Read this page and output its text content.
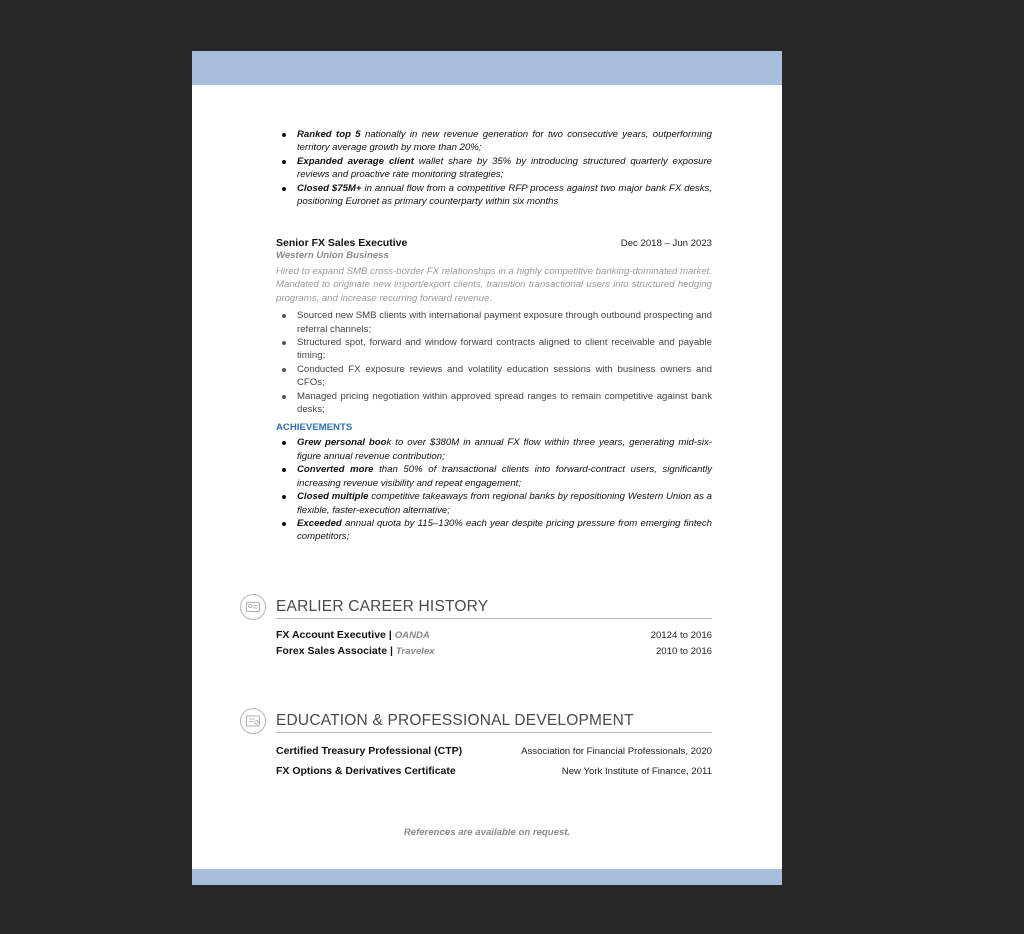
Ranked top 5 nationally in new revenue generation for two consecutive years, outperforming territory average growth by more than 20%;
Expanded average client wallet share by 35% by introducing structured quarterly exposure reviews and proactive rate monitoring strategies;
Closed $75M+ in annual flow from a competitive RFP process against two major bank FX desks, positioning Euronet as primary counterparty within six months
Senior FX Sales Executive	Dec 2018 – Jun 2023
Western Union Business
Hired to expand SMB cross-border FX relationships in a highly competitive banking-dominated market. Mandated to originate new import/export clients, transition transactional users into structured hedging programs, and increase recurring forward revenue.
Sourced new SMB clients with international payment exposure through outbound prospecting and referral channels;
Structured spot, forward and window forward contracts aligned to client receivable and payable timing;
Conducted FX exposure reviews and volatility education sessions with business owners and CFOs;
Managed pricing negotiation within approved spread ranges to remain competitive against bank desks;
ACHIEVEMENTS
Grew personal book to over $380M in annual FX flow within three years, generating mid-six-figure annual revenue contribution;
Converted more than 50% of transactional clients into forward-contract users, significantly increasing revenue visibility and repeat engagement;
Closed multiple competitive takeaways from regional banks by repositioning Western Union as a flexible, faster-execution alternative;
Exceeded annual quota by 115–130% each year despite pricing pressure from emerging fintech competitors;
EARLIER CAREER HISTORY
FX Account Executive | OANDA	20124 to 2016
Forex Sales Associate | Travelex	2010 to 2016
EDUCATION & PROFESSIONAL DEVELOPMENT
Certified Treasury Professional (CTP)	Association for Financial Professionals, 2020
FX Options & Derivatives Certificate	New York Institute of Finance, 2011
References are available on request.
